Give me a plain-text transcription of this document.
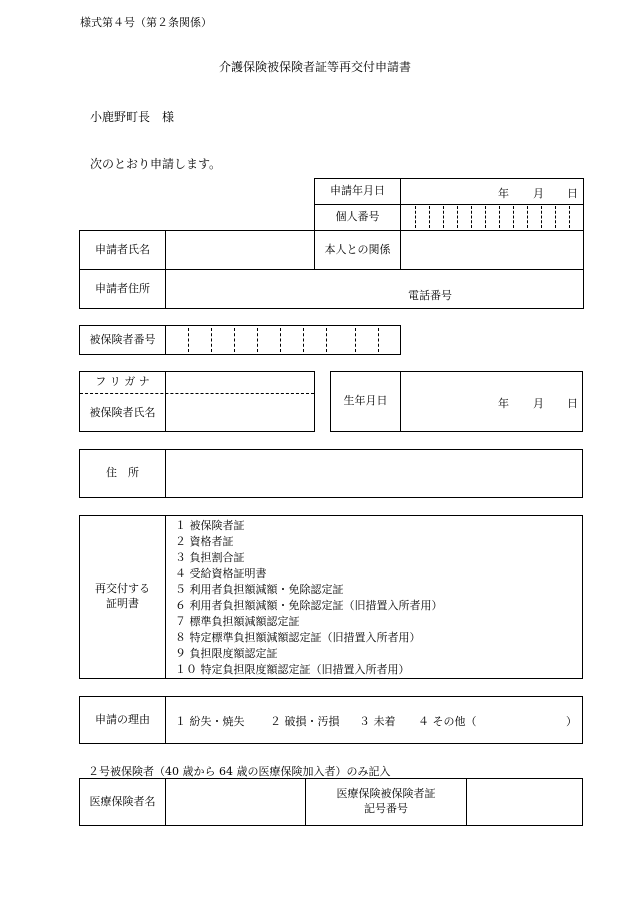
様式第４号（第２条関係）
介護保険被保険者証等再交付申請書
小鹿野町長　様
次のとおり申請します。
申請年月日	年 月 日
個人番号
申請者氏名	本人との関係
申請者住所
電話番号
被保険者番号
フ リ ガ ナ
被保険者氏名
生年月日	年 月 日
住　所
再交付する
証明書
１ 被保険者証
２ 資格者証
３ 負担割合証
４ 受給資格証明書
５ 利用者負担額減額・免除認定証
６ 利用者負担額減額・免除認定証（旧措置入所者用）
７ 標準負担額減額認定証
８ 特定標準負担額減額認定証（旧措置入所者用）
９ 負担限度額認定証
１０ 特定負担限度額認定証（旧措置入所者用）
申請の理由	１ 紛失・焼失 ２ 破損・汚損 ３ 未着 ４ その他（	）
２号被保険者（40 歳から 64 歳の医療保険加入者）のみ記入
医療保険者名
医療保険被保険者証
記号番号
